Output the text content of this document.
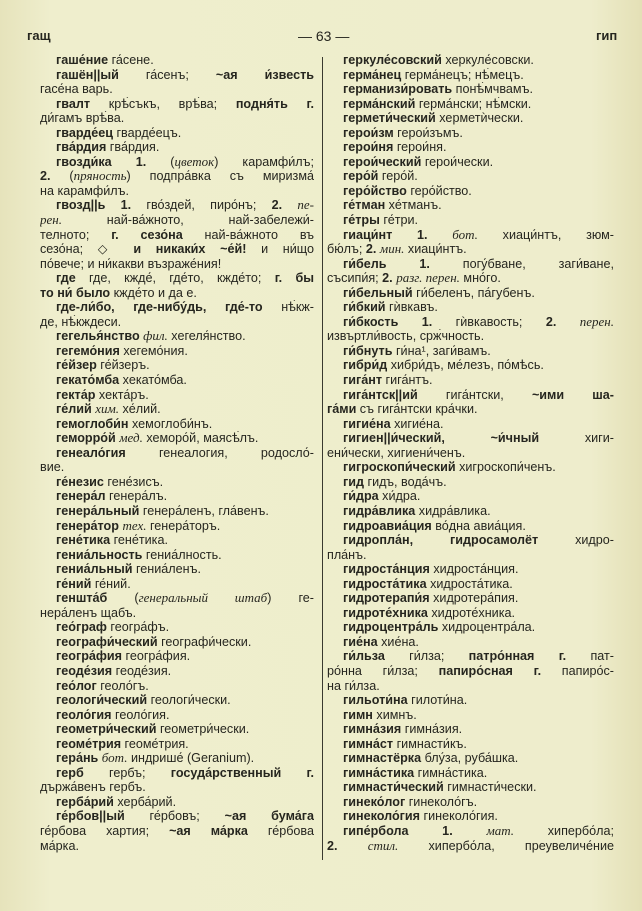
гащ	— 63 —	гип
гаше́ние га́сене.
гашён||ый га́сенъ; ~ая и́звесть
гасе́на варь.
гвалт крѣ́съкъ, врѣ́ва; подня́ть г.
ди́гамъ врѣ́ва.
гварде́ец гварде́ецъ.
гва́рдия гва́рдия.
гвозди́ка 1. (цветок) карамфи́лъ;
2. (пряность) подпра́вка съ миризма́
на карамфи́лъ.
гвозд||ь 1. гво́здей, пиро́нъ; 2. пе-
рен. най-ва́жното, най-забележи́-
телното; г. сезо́на най-ва́жното въ
сезо́на; ◇ и никаки́х ~е́й! и ни́що
по́вече; и ни́какви възраже́ния!
где где, кжде́, где́то, кжде́то; г. бы
то ни́ было кжде́то и да е.
где-ли́бо, где-нибу́дь, где́-то нѣ́кж-
де, нѣ́кждеси.
гегелья́нство фил. хегеля́нство.
гегемо́ния хегемо́ния.
ге́йзер ге́йзеръ.
гекато́мба хекато́мба.
гекта́р хекта́ръ.
ге́лий хим. хе́лий.
гемоглоби́н хемоглоби́нъ.
геморро́й мед. хеморо́й, маясѣ́лъ.
генеало́гия генеалогия, родосло́-
вие.
ге́незис гене́зисъ.
генера́л генера́лъ.
генера́льный генера́ленъ, гла́венъ.
генера́тор тех. генера́торъ.
гене́тика гене́тика.
гениа́льность гениа́лность.
гениа́льный гениа́ленъ.
ге́ний ге́ний.
геншта́б (генеральный штаб) ге-
нера́ленъ щабъ.
гео́граф геогра́фъ.
географи́ческий географи́чески.
геогра́фия геогра́фия.
геоде́зия геоде́зия.
гео́лог геоло́гъ.
геологи́ческий геологи́чески.
геоло́гия геоло́гия.
геометри́ческий геометри́чески.
геоме́трия геоме́трия.
гера́нь бот. индрише́ (Geranium).
герб гербъ; госуда́рственный г.
държа́венъ гербъ.
герба́рий херба́рий.
ге́рбов||ый ге́рбовъ; ~ая бума́га
ге́рбова хартия; ~ая ма́рка ге́рбова
ма́рка.
геркуле́совский херкуле́совски.
герма́нец герма́нецъ; нѣ́мецъ.
германизи́ровать понѣ́мчвамъ.
герма́нский герма́нски; нѣ́мски.
гермети́ческий херметѝчески.
герои́зм герои́зъмъ.
герои́ня герои́ня.
герои́ческий герои́чески.
геро́й геро́й.
геро́йство геро́йство.
ге́тман хе́тманъ.
ге́тры ге́три.
гиаци́нт 1. бот. хиаци́нтъ, зюм-
бю́лъ; 2. мин. хиаци́нтъ.
ги́бель 1. погу́бване, заги́ване,
съсипи́я; 2. разг. перен. мно́го.
ги́бельный ги́беленъ, па́губенъ.
ги́бкий гѝвкавъ.
ги́бкость 1. гѝвкавость; 2. перен.
извъртли́вость, срж́чность.
ги́бнуть ги́на¹, заги́вамъ.
гибри́д хибри́дъ, ме́лезъ, по́мѣсь.
гига́нт гига́нтъ.
гига́нтск||ий гига́нтски, ~ими ша-
га́ми съ гига́нтски кра́чки.
гигие́на хигие́на.
гигиен||и́ческий, ~и́чный хиги-
ени́чески, хигиени́ченъ.
гигроскопи́ческий хигроскопи́ченъ.
гид гидъ, вода́чъ.
ги́дра хи́дра.
гидра́влика хидра́влика.
гидроавиа́ция во́дна авиа́ция.
гидропла́н, гидросамолёт хидро-
пла́нъ.
гидроста́нция хидроста́нция.
гидроста́тика хидроста́тика.
гидротерапи́я хидротера́пия.
гидроте́хника хидроте́хника.
гидроцентра́ль хидроцентра́ла.
гие́на хие́на.
ги́льза ги́лза; патро́нная г. пат-
ро́нна ги́лза; папиро́сная г. папиро́с-
на ги́лза.
гильоти́на гилоти́на.
гимн химнъ.
гимна́зия гимна́зия.
гимна́ст гимнасти́къ.
гимнастёрка блу́за, руба́шка.
гимна́стика гимна́стика.
гимнасти́ческий гимнасти́чески.
гинеко́лог гинеколо́гъ.
гинеколо́гия гинеколо́гия.
гипе́рбола 1.	мат. хипербо́ла;
2. стил. хипербо́ла, преувеличе́ние
